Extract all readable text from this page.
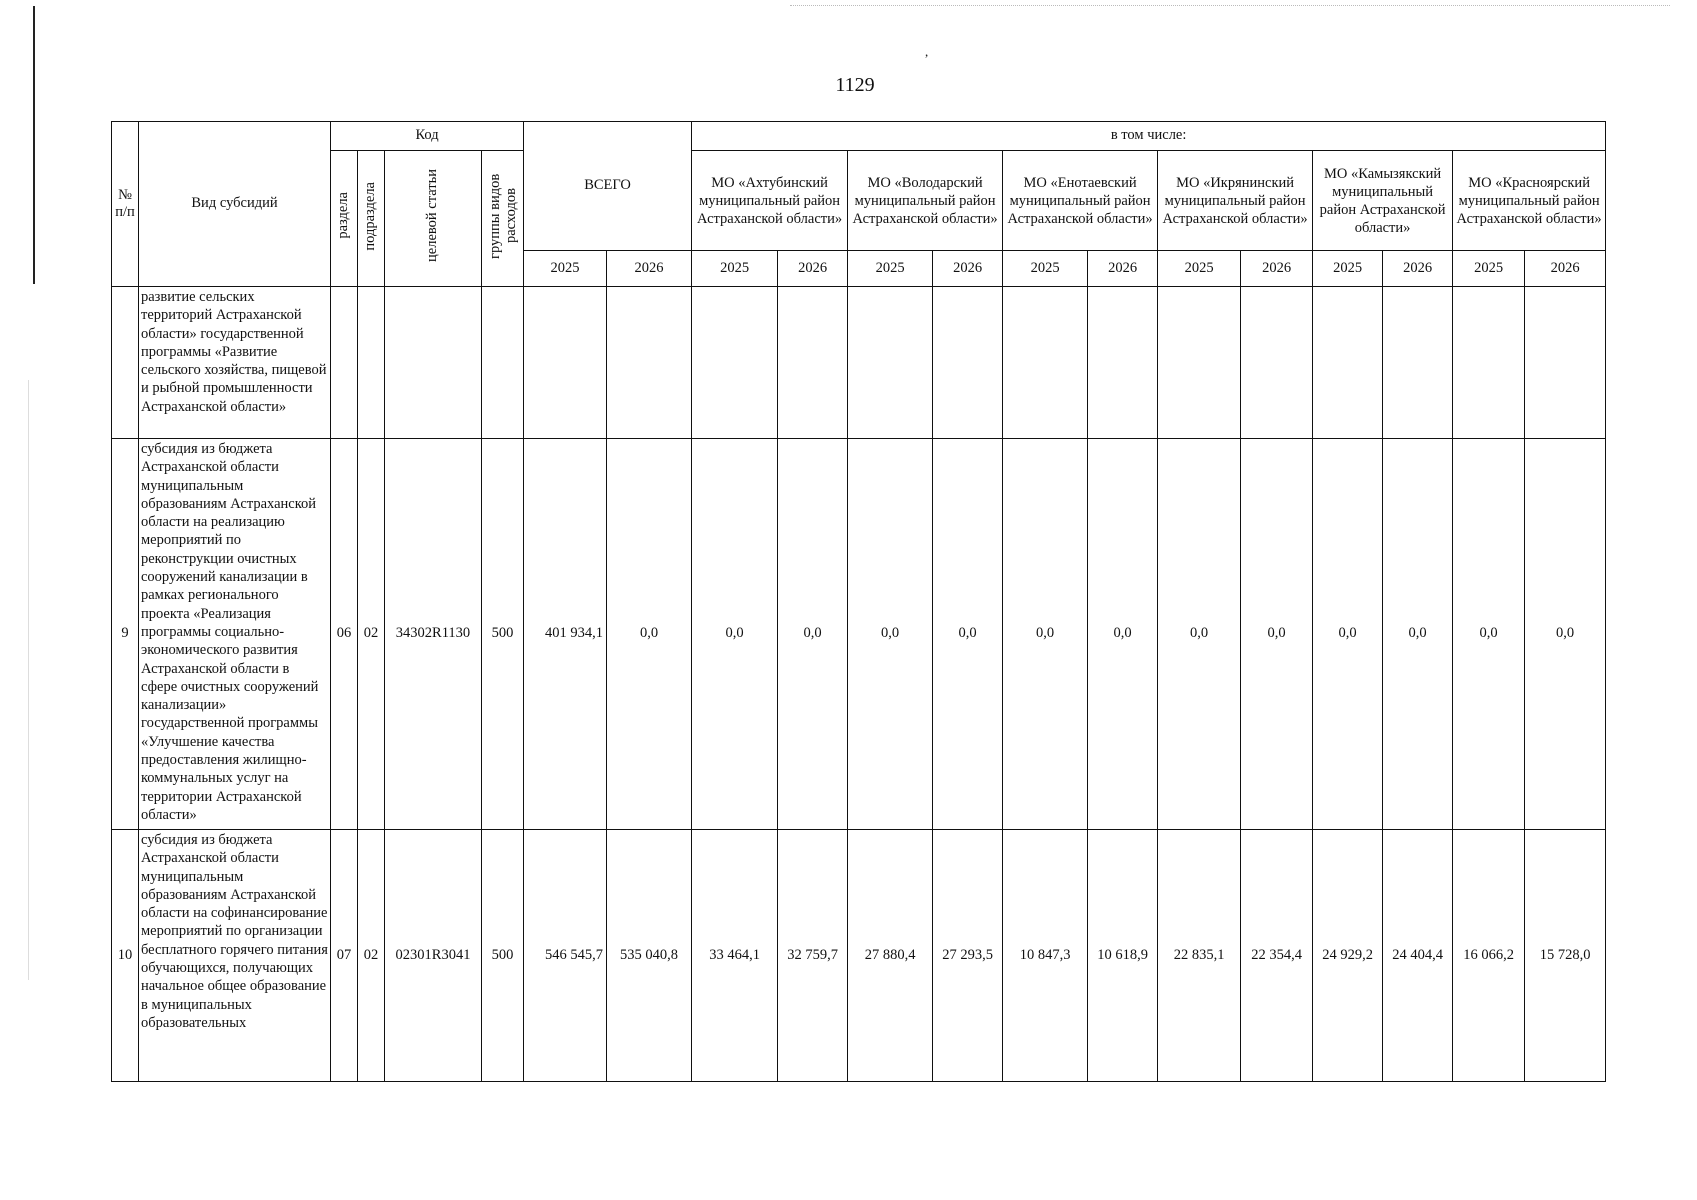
,
1129
№ п/п	Вид субсидий	Код				ВСЕГО		в том числе:											
		раздела	подраздела	целевой статьи	группы видов расходов			МО «Ахтубинский муниципальный район Астраханской области»		МО «Володарский муниципальный район Астраханской области»		МО «Енотаевский муниципальный район Астраханской области»		МО «Икрянинский муниципальный район Астраханской области»		МО «Камызякский муниципальный район Астраханской области»		МО «Красноярский муниципальный район Астраханской области»	
						2025	2026	2025	2026	2025	2026	2025	2026	2025	2026	2025	2026	2025	2026
	развитие сельских территорий Астраханской области» государственной программы «Развитие сельского хозяйства, пищевой и рыбной промышленности Астраханской области»																		
9	субсидия из бюджета Астраханской области муниципальным образованиям Астраханской области на реализацию мероприятий по реконструкции очистных сооружений канализации в рамках регионального проекта «Реализация программы социально-экономического развития Астраханской области в сфере очистных сооружений канализации» государственной программы «Улучшение качества предоставления жилищно-коммунальных услуг на территории Астраханской области»	06	02	34302R1130	500	401 934,1	0,0	0,0	0,0	0,0	0,0	0,0	0,0	0,0	0,0	0,0	0,0	0,0	0,0
10	субсидия из бюджета Астраханской области муниципальным образованиям Астраханской области на софинансирование мероприятий по организации бесплатного горячего питания обучающихся, получающих начальное общее образование в муниципальных образовательных	07	02	02301R3041	500	546 545,7	535 040,8	33 464,1	32 759,7	27 880,4	27 293,5	10 847,3	10 618,9	22 835,1	22 354,4	24 929,2	24 404,4	16 066,2	15 728,0
